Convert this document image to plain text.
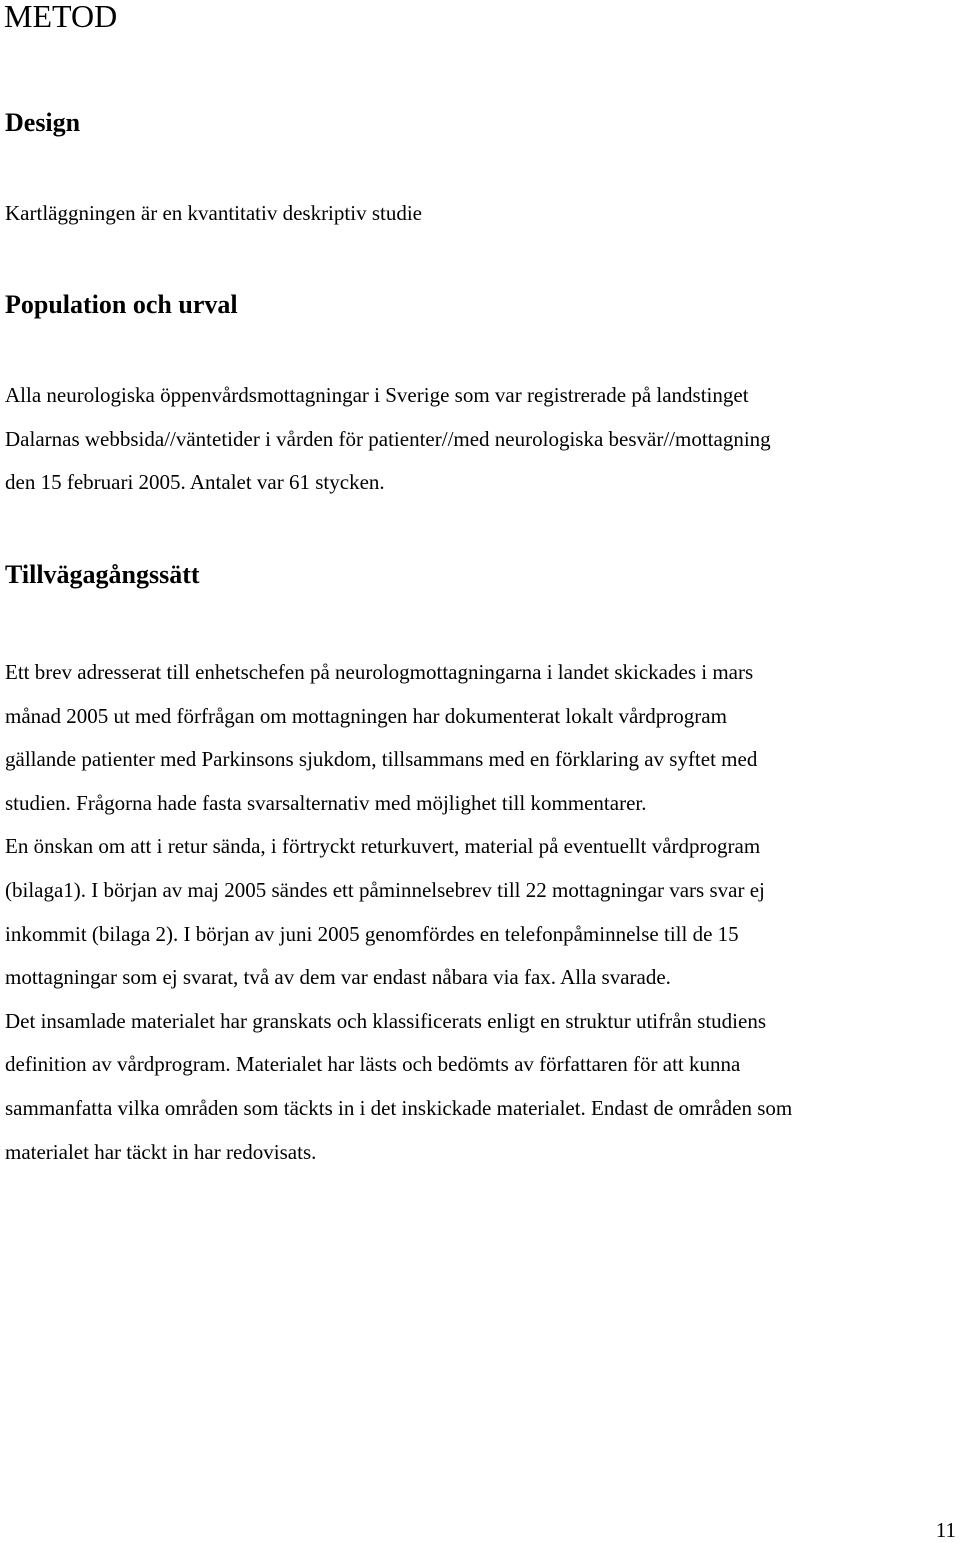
METOD
Design

Kartläggningen är en kvantitativ deskriptiv studie

Population och urval

Alla neurologiska öppenvårdsmottagningar i Sverige som var registrerade på landstinget
Dalarnas webbsida//väntetider i vården för patienter//med neurologiska besvär//mottagning
den 15 februari 2005. Antalet var 61 stycken.

Tillvägagångssätt

Ett brev adresserat till enhetschefen på neurologmottagningarna i landet skickades i mars
månad 2005 ut med förfrågan om mottagningen har dokumenterat lokalt vårdprogram
gällande patienter med Parkinsons sjukdom, tillsammans med en förklaring av syftet med
studien. Frågorna hade fasta svarsalternativ med möjlighet till kommentarer.
En önskan om att i retur sända, i förtryckt returkuvert, material på eventuellt vårdprogram
(bilaga1). I början av maj 2005 sändes ett påminnelsebrev till 22 mottagningar vars svar ej
inkommit (bilaga 2). I början av juni 2005 genomfördes en telefonpåminnelse till de 15
mottagningar som ej svarat, två av dem var endast nåbara via fax. Alla svarade.
Det insamlade materialet har granskats och klassificerats enligt en struktur utifrån studiens
definition av vårdprogram. Materialet har lästs och bedömts av författaren för att kunna
sammanfatta vilka områden som täckts in i det inskickade materialet. Endast de områden som
materialet har täckt in har redovisats.

11
